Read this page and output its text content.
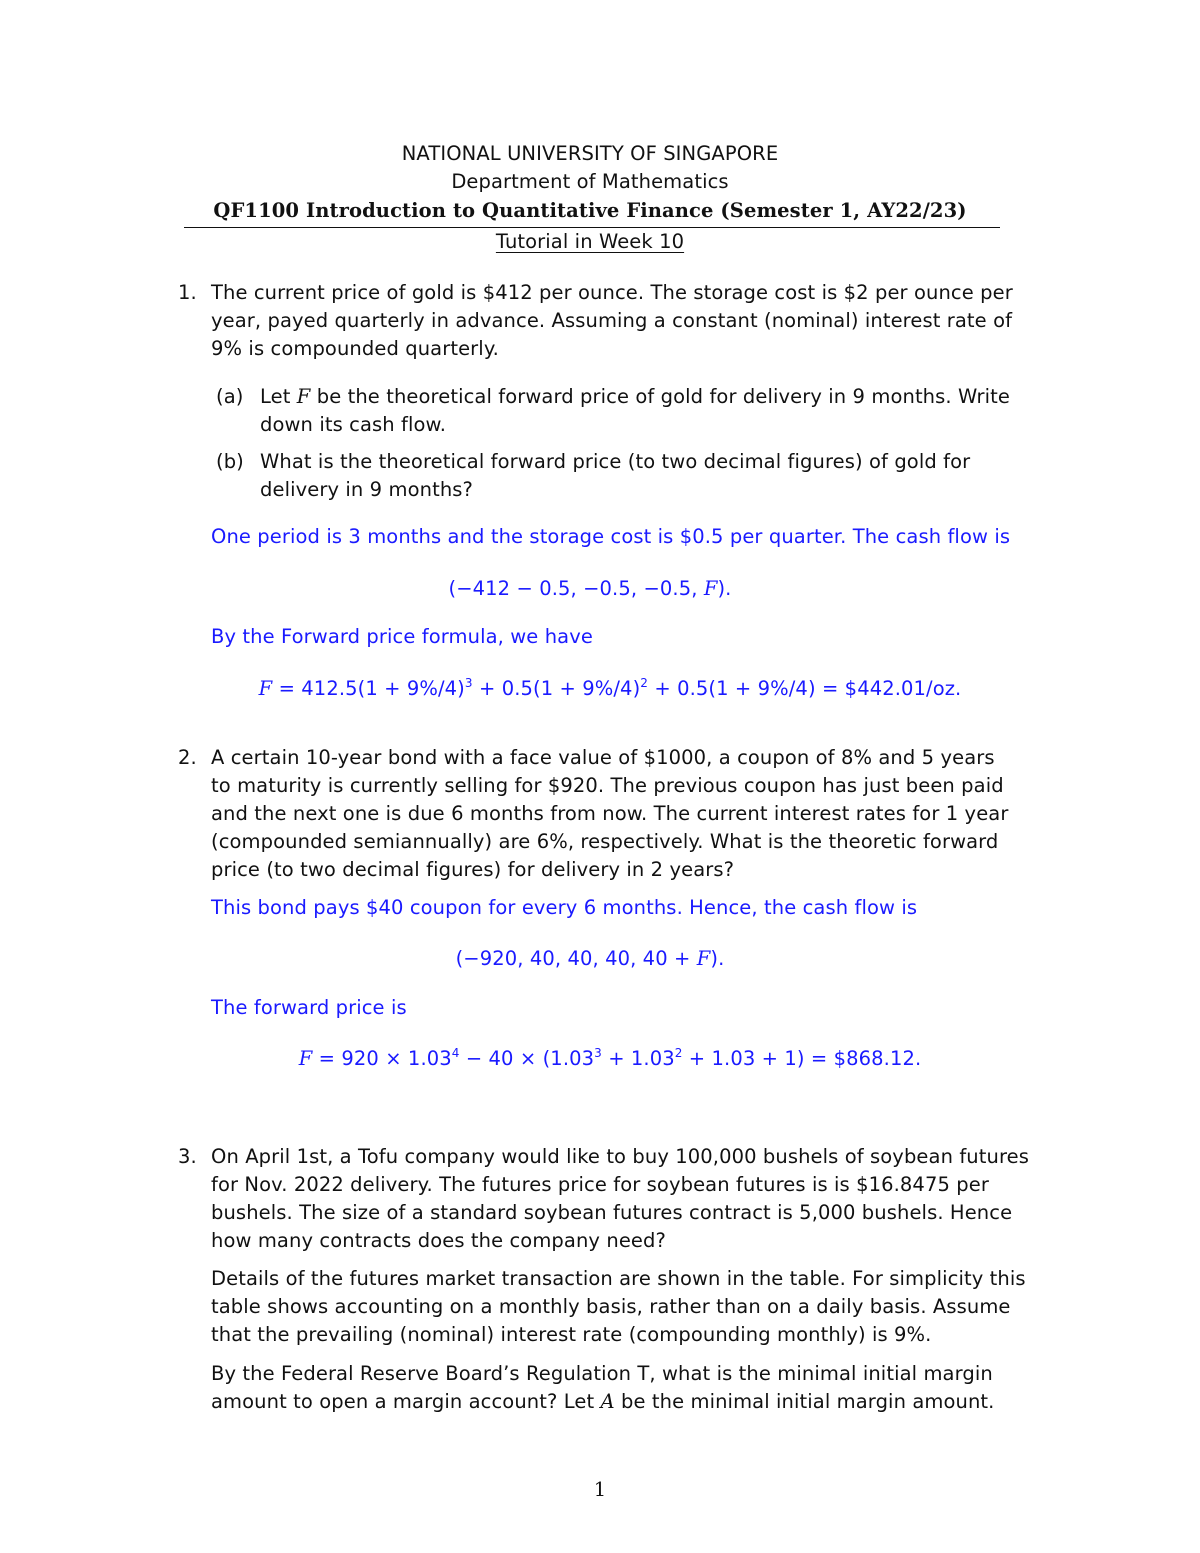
NATIONAL UNIVERSITY OF SINGAPORE
Department of Mathematics
QF1100 Introduction to Quantitative Finance (Semester 1, AY22/23)
Tutorial in Week 10
1. The current price of gold is $412 per ounce. The storage cost is $2 per ounce per
year, payed quarterly in advance. Assuming a constant (nominal) interest rate of
9% is compounded quarterly.
(a) Let F be the theoretical forward price of gold for delivery in 9 months. Write
down its cash flow.
(b) What is the theoretical forward price (to two decimal figures) of gold for
delivery in 9 months?
One period is 3 months and the storage cost is $0.5 per quarter. The cash flow is
(−412 − 0.5, −0.5, −0.5, F).
By the Forward price formula, we have
$F = 412.5(1 + 9\%/4)^3 + 0.5(1 + 9\%/4)^2 + 0.5(1 + 9\%/4)$ = $442.01/oz.
2. A certain 10-year bond with a face value of $1000, a coupon of 8% and 5 years
to maturity is currently selling for $920. The previous coupon has just been paid
and the next one is due 6 months from now. The current interest rates for 1 year
(compounded semiannually) are 6%, respectively. What is the theoretic forward
price (to two decimal figures) for delivery in 2 years?
This bond pays $40 coupon for every 6 months. Hence, the cash flow is
(−920, 40, 40, 40, 40 + F).
The forward price is
$F = 920 \times 1.03^4 - 40 \times (1.03^3 + 1.03^2 + 1.03 + 1)$ = $868.12.
3. On April 1st, a Tofu company would like to buy 100,000 bushels of soybean futures
for Nov. 2022 delivery. The futures price for soybean futures is is $16.8475 per
bushels. The size of a standard soybean futures contract is 5,000 bushels. Hence
how many contracts does the company need?
Details of the futures market transaction are shown in the table. For simplicity this
table shows accounting on a monthly basis, rather than on a daily basis. Assume
that the prevailing (nominal) interest rate (compounding monthly) is 9%.
By the Federal Reserve Board’s Regulation T, what is the minimal initial margin
amount to open a margin account? Let A be the minimal initial margin amount.
1
